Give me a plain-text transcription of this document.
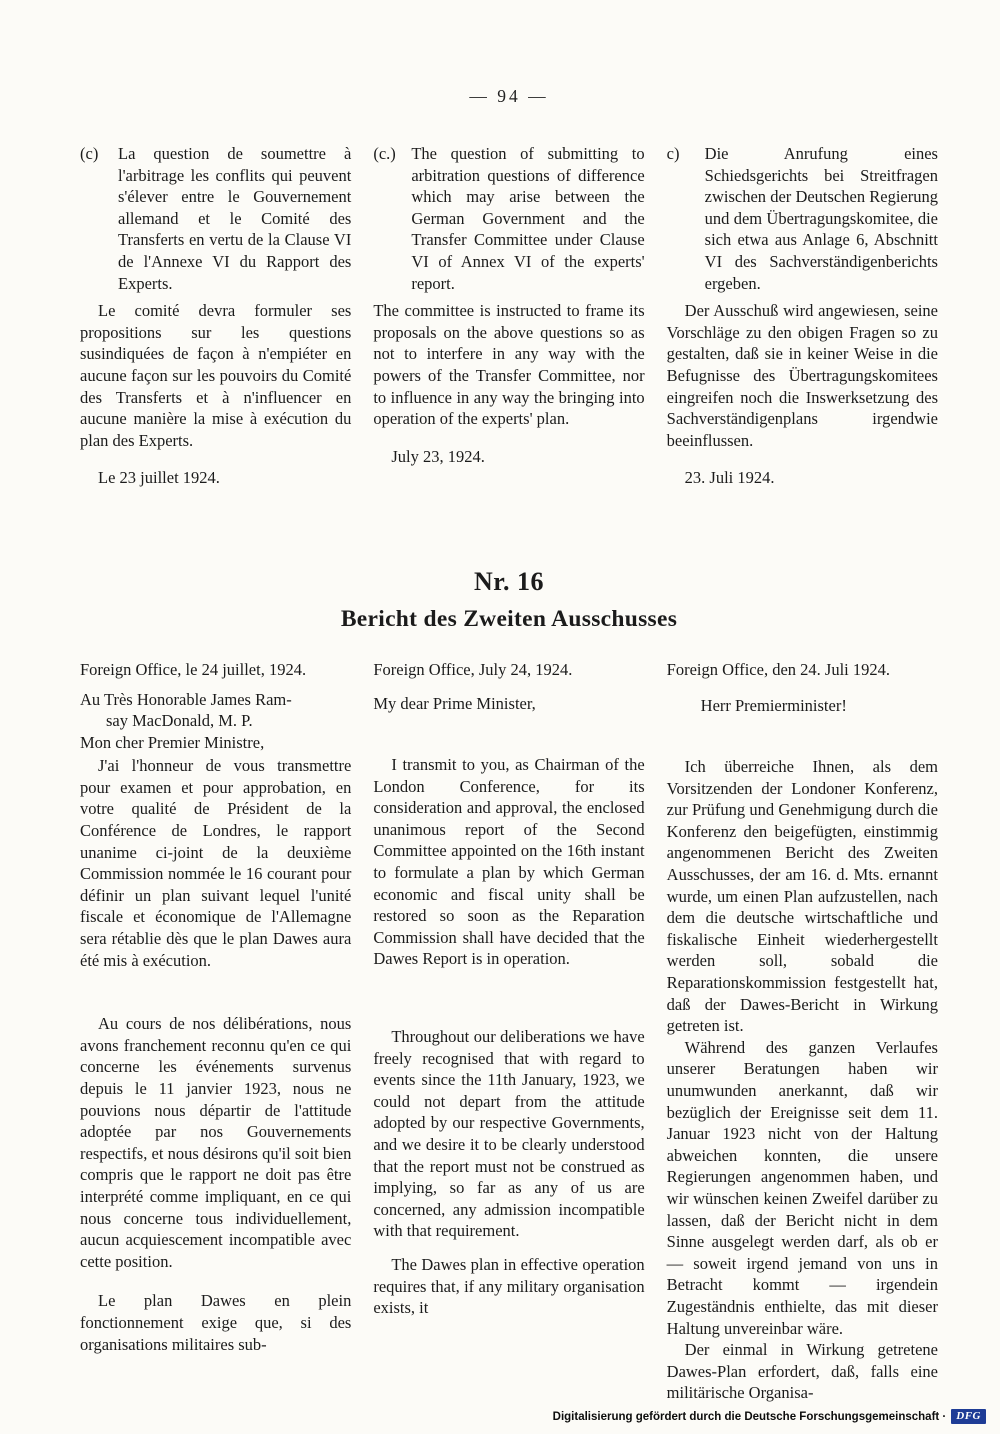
— 94 —
(c)	La question de soumettre à l'arbitrage les conflits qui peuvent s'élever entre le Gouvernement allemand et le Comité des Transferts en vertu de la Clause VI de l'Annexe VI du Rapport des Experts.

Le comité devra formuler ses propositions sur les questions susindiquées de façon à n'empiéter en aucune façon sur les pouvoirs du Comité des Transferts et à n'influencer en aucune manière la mise à exécution du plan des Experts.

Le 23 juillet 1924.

(c.) The question of submitting to arbitration questions of difference which may arise between the German Government and the Transfer Committee under Clause VI of Annex VI of the experts' report.

The committee is instructed to frame its proposals on the above questions so as not to interfere in any way with the powers of the Transfer Committee, nor to influence in any way the bringing into operation of the experts' plan.

July 23, 1924.

c)	Die Anrufung eines Schiedsgerichts bei Streitfragen zwischen der Deutschen Regierung und dem Übertragungskomitee, die sich etwa aus Anlage 6, Abschnitt VI des Sachverständigenberichts ergeben.

Der Ausschuß wird angewiesen, seine Vorschläge zu den obigen Fragen so zu gestalten, daß sie in keiner Weise in die Befugnisse des Übertragungskomitees eingreifen noch die Inswerksetzung des Sachverständigenplans irgendwie beeinflussen.

23. Juli 1924.

Nr. 16
Bericht des Zweiten Ausschusses

Foreign Office, le 24 juillet, 1924.

Au Très Honorable James Ram-

say MacDonald, M. P.

Mon cher Premier Ministre,

J'ai l'honneur de vous transmettre pour examen et pour approbation, en votre qualité de Président de la Conférence de Londres, le rapport unanime ci-joint de la deuxième Commission nommée le 16 courant pour définir un plan suivant lequel l'unité fiscale et économique de l'Allemagne sera rétablie dès que le plan Dawes aura été mis à exécution.

Au cours de nos délibérations, nous avons franchement reconnu qu'en ce qui concerne les événements survenus depuis le 11 janvier 1923, nous ne pouvions nous départir de l'attitude adoptée par nos Gouvernements respectifs, et nous désirons qu'il soit bien compris que le rapport ne doit pas être interprété comme impliquant, en ce qui nous concerne tous individuellement, aucun acquiescement incompatible avec cette position.

Le plan Dawes en plein fonctionnement exige que, si des organisations militaires sub-

Foreign Office, July 24, 1924.

My dear Prime Minister,

I transmit to you, as Chairman of the London Conference, for its consideration and approval, the enclosed unanimous report of the Second Committee appointed on the 16th instant to formulate a plan by which German economic and fiscal unity shall be restored so soon as the Reparation Commission shall have decided that the Dawes Report is in operation.

Throughout our deliberations we have freely recognised that with regard to events since the 11th January, 1923, we could not depart from the attitude adopted by our respective Governments, and we desire it to be clearly understood that the report must not be construed as implying, so far as any of us are concerned, any admission incompatible with that requirement.

The Dawes plan in effective operation requires that, if any military organisation exists, it

Foreign Office, den 24. Juli 1924.

Herr Premierminister!

Ich überreiche Ihnen, als dem Vorsitzenden der Londoner Konferenz, zur Prüfung und Genehmigung durch die Konferenz den beigefügten, einstimmig angenommenen Bericht des Zweiten Ausschusses, der am 16. d. Mts. ernannt wurde, um einen Plan aufzustellen, nach dem die deutsche wirtschaftliche und fiskalische Einheit wiederhergestellt werden soll, sobald die Reparationskommission festgestellt hat, daß der Dawes-Bericht in Wirkung getreten ist.

Während des ganzen Verlaufes unserer Beratungen haben wir unumwunden anerkannt, daß wir bezüglich der Ereignisse seit dem 11. Januar 1923 nicht von der Haltung abweichen konnten, die unsere Regierungen angenommen haben, und wir wünschen keinen Zweifel darüber zu lassen, daß der Bericht nicht in dem Sinne ausgelegt werden darf, als ob er — soweit irgend jemand von uns in Betracht kommt — irgendein Zugeständnis enthielte, das mit dieser Haltung unvereinbar wäre.

Der einmal in Wirkung getretene Dawes-Plan erfordert, daß, falls eine militärische Organisa-

Digitalisierung gefördert durch die Deutsche Forschungsgemeinschaft · DFG
